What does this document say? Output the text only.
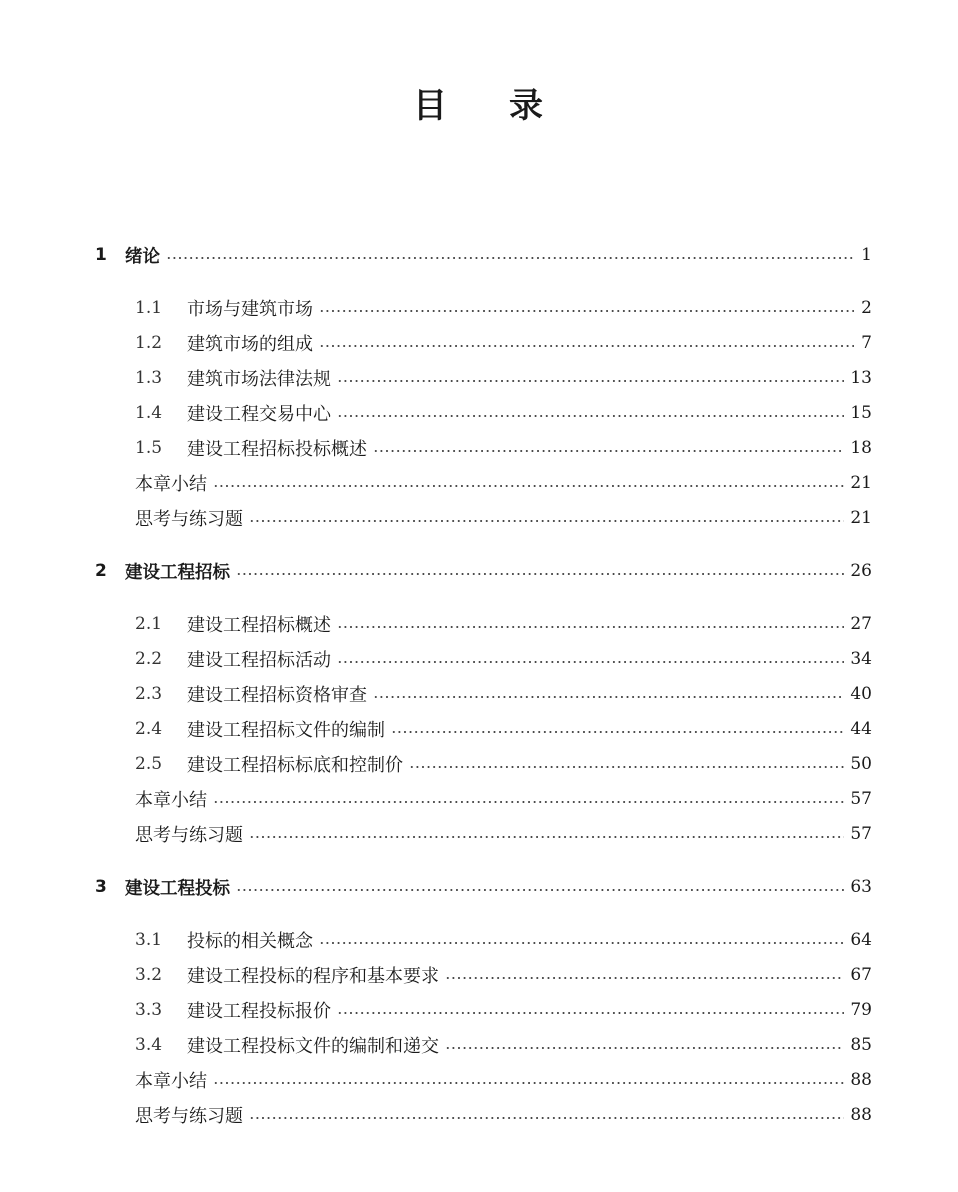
目 录
1	绪论	1
1.1	市场与建筑市场	2
1.2	建筑市场的组成	7
1.3	建筑市场法律法规	13
1.4	建设工程交易中心	15
1.5	建设工程招标投标概述	18
本章小结	21
思考与练习题	21
2	建设工程招标	26
2.1	建设工程招标概述	27
2.2	建设工程招标活动	34
2.3	建设工程招标资格审查	40
2.4	建设工程招标文件的编制	44
2.5	建设工程招标标底和控制价	50
本章小结	57
思考与练习题	57
3	建设工程投标	63
3.1	投标的相关概念	64
3.2	建设工程投标的程序和基本要求	67
3.3	建设工程投标报价	79
3.4	建设工程投标文件的编制和递交	85
本章小结	88
思考与练习题	88
